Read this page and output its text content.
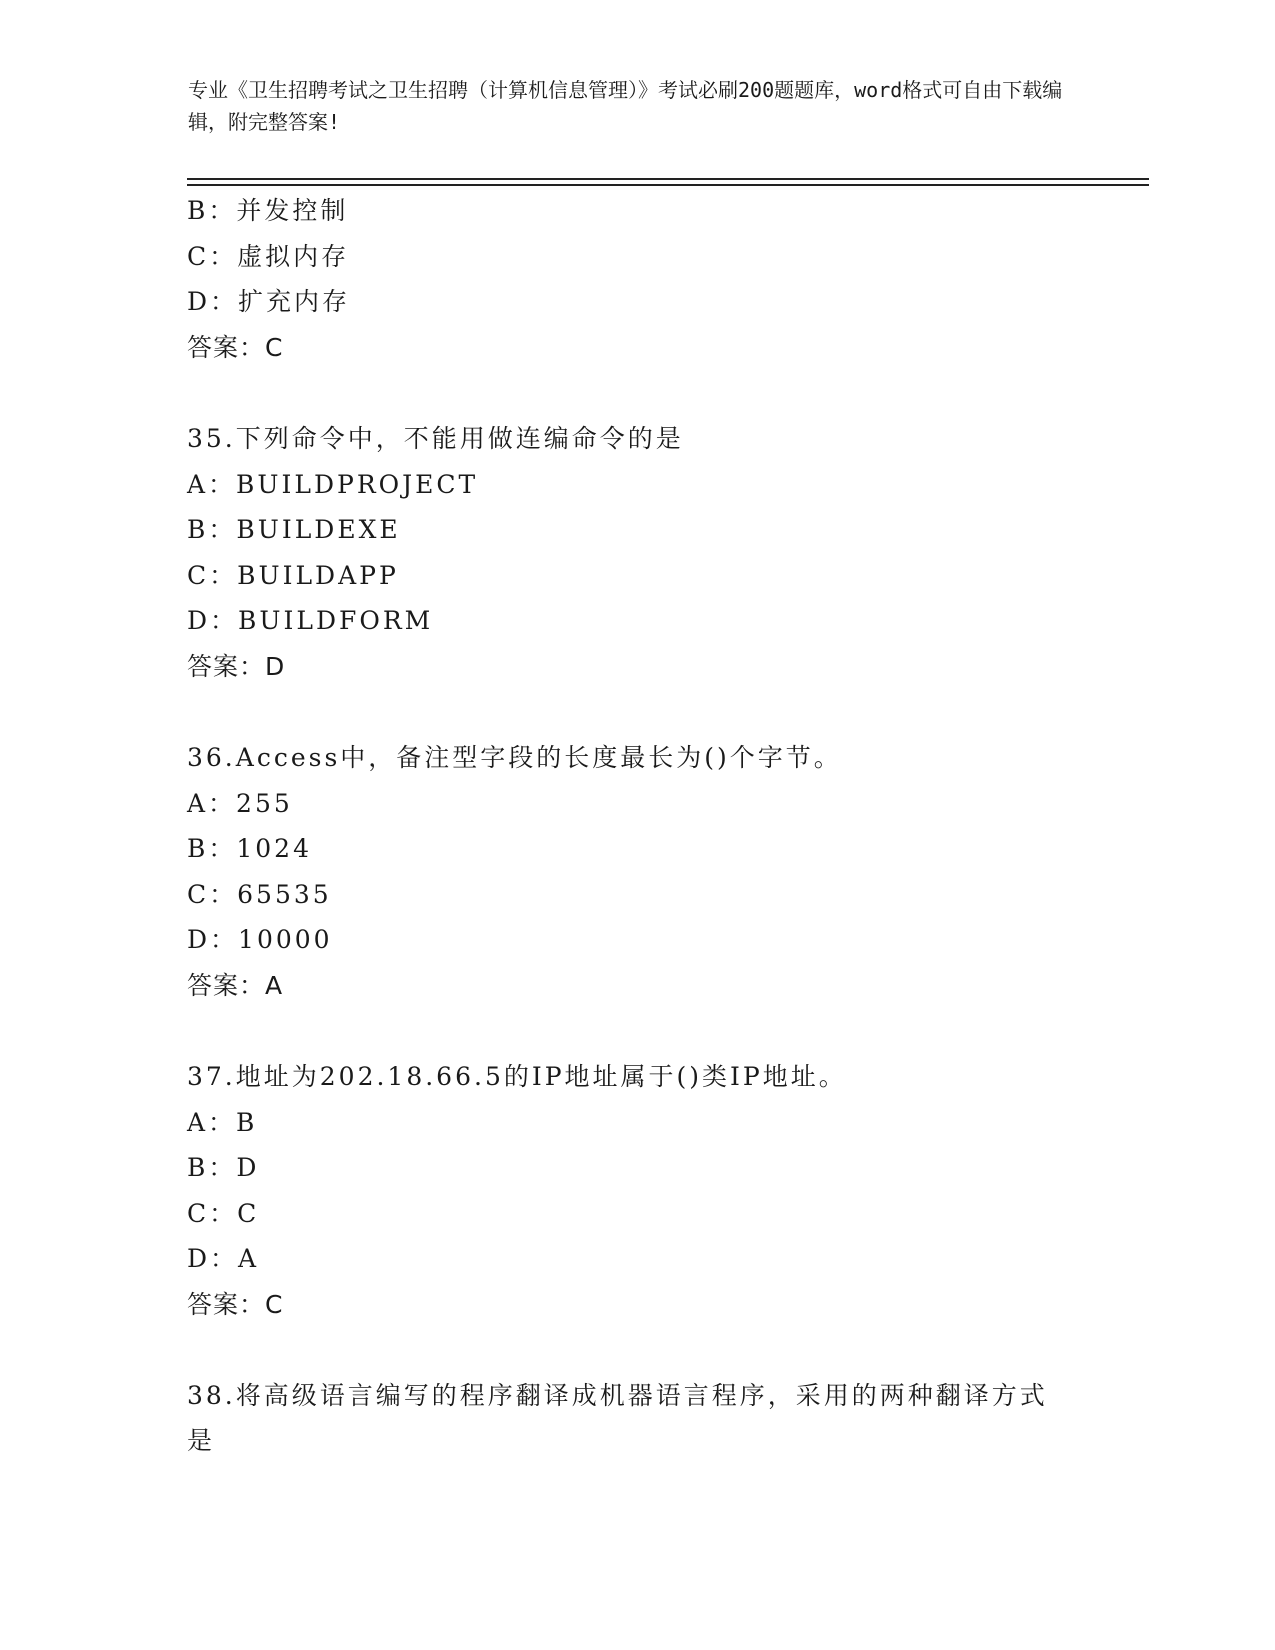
专业《卫生招聘考试之卫生招聘（计算机信息管理）》考试必刷200题题库，word格式可自由下载编辑，附完整答案!
B：并发控制
C：虚拟内存
D：扩充内存
答案：C
35.下列命令中，不能用做连编命令的是
A：BUILDPROJECT
B：BUILDEXE
C：BUILDAPP
D：BUILDFORM
答案：D
36.Access中，备注型字段的长度最长为()个字节。
A：255
B：1024
C：65535
D：10000
答案：A
37.地址为202.18.66.5的IP地址属于()类IP地址。
A：B
B：D
C：C
D：A
答案：C
38.将高级语言编写的程序翻译成机器语言程序，采用的两种翻译方式是
